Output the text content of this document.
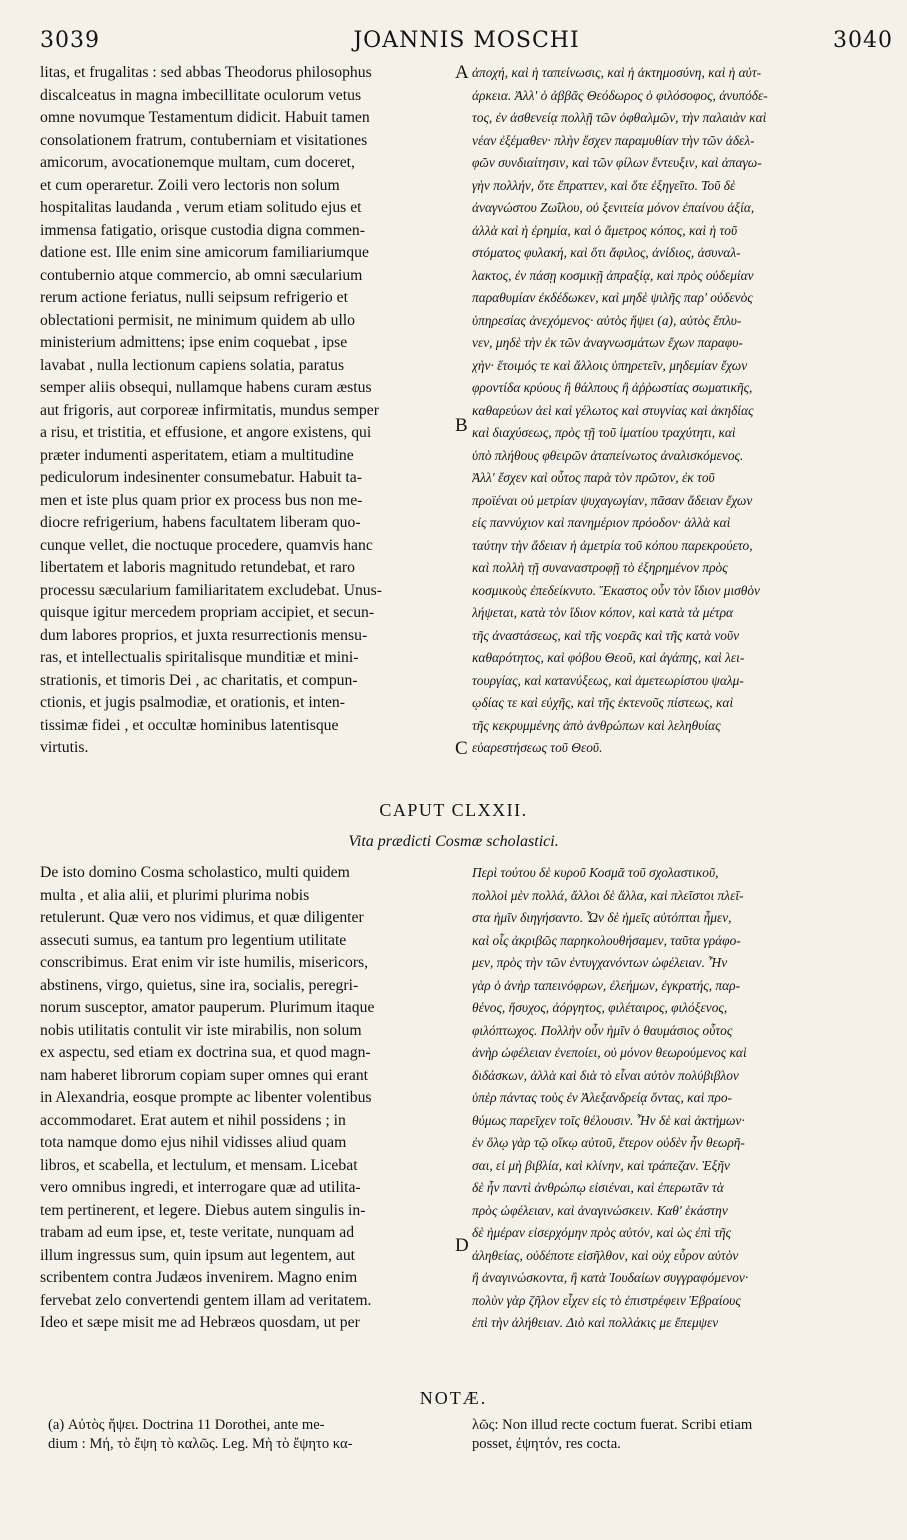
3039	JOANNIS MOSCHI	3040
litas, et frugalitas : sed abbas Theodorus philosophus
discalceatus in magna imbecillitate oculorum vetus
omne novumque Testamentum didicit. Habuit tamen
consolationem fratrum, contuberniam et visitationes
amicorum, avocationemque multam, cum doceret,
et cum operaretur. Zoili vero lectoris non solum
hospitalitas laudanda , verum etiam solitudo ejus et
immensa fatigatio, orisque custodia digna commen-
datione est. Ille enim sine amicorum familiariumque
contubernio atque commercio, ab omni sæcularium
rerum actione feriatus, nulli seipsum refrigerio et
oblectationi permisit, ne minimum quidem ab ullo
ministerium admittens; ipse enim coquebat , ipse
lavabat , nulla lectionum capiens solatia, paratus
semper aliis obsequi, nullamque habens curam æstus
aut frigoris, aut corporeæ infirmitatis, mundus semper
a risu, et tristitia, et effusione, et angore existens, qui
præter indumenti asperitatem, etiam a multitudine
pediculorum indesinenter consumebatur. Habuit ta-
men et iste plus quam prior ex process bus non me-
diocre refrigerium, habens facultatem liberam quo-
cunque vellet, die noctuque procedere, quamvis hanc
libertatem et laboris magnitudo retundebat, et raro
processu sæcularium familiaritatem excludebat. Unus-
quisque igitur mercedem propriam accipiet, et secun-
dum labores proprios, et juxta resurrectionis mensu-
ras, et intellectualis spiritalisque munditiæ et mini-
strationis, et timoris Dei , ac charitatis, et compun-
ctionis, et jugis psalmodiæ, et orationis, et inten-
tissimæ fidei , et occultæ hominibus latentisque
virtutis.
ἀποχή, καὶ ἡ ταπείνωσις, καὶ ἡ ἀκτημοσύνη, καὶ ἡ αὐτ-
άρκεια. Ἀλλ' ὁ ἀββᾶς Θεόδωρος ὁ φιλόσοφος, ἀνυπόδε-
τος, ἐν ἀσθενείᾳ πολλῇ τῶν ὀφθαλμῶν, τὴν παλαιὰν καὶ
νέαν ἐξέμαθεν· πλὴν ἔσχεν παραμυθίαν τὴν τῶν ἀδελ-
φῶν συνδιαίτησιν, καὶ τῶν φίλων ἔντευξιν, καὶ ἀπαγω-
γὴν πολλήν, ὅτε ἔπραττεν, καὶ ὅτε ἐξηγεῖτο. Τοῦ δὲ
ἀναγνώστου Ζωΐλου, οὐ ξενιτεία μόνον ἐπαίνου ἀξία,
ἀλλὰ καὶ ἡ ἐρημία, καὶ ὁ ἄμετρος κόπος, καὶ ἡ τοῦ
στόματος φυλακή, καὶ ὅτι ἄφιλος, ἀνίδιος, ἀσυναλ-
λακτος, ἐν πάσῃ κοσμικῇ ἀπραξίᾳ, καὶ πρὸς οὐδεμίαν
παραθυμίαν ἐκδέδωκεν, καὶ μηδὲ ψιλῆς παρ' οὐδενὸς
ὑπηρεσίας ἀνεχόμενος· αὐτὸς ἥψει (a), αὐτὸς ἔπλυ-
νεν, μηδὲ τὴν ἐκ τῶν ἀναγνωσμάτων ἔχων παραφυ-
χὴν· ἕτοιμός τε καὶ ἄλλοις ὑπηρετεῖν, μηδεμίαν ἔχων
φροντίδα κρύους ἢ θάλπους ἢ ἀῤῥωστίας σωματικῆς,
καθαρεύων ἀεὶ καὶ γέλωτος καὶ στυγνίας καὶ ἀκηδίας
καὶ διαχύσεως, πρὸς τῇ τοῦ ἱματίου τραχύτητι, καὶ
ὑπὸ πλήθους φθειρῶν ἀταπείνωτος ἀναλισκόμενος.
Ἀλλ' ἔσχεν καὶ οὗτος παρὰ τὸν πρῶτον, ἐκ τοῦ
προϊέναι οὐ μετρίαν ψυχαγωγίαν, πᾶσαν ἄδειαν ἔχων
εἰς παννύχιον καὶ πανημέριον πρόοδον· ἀλλὰ καὶ
ταύτην τὴν ἄδειαν ἡ ἀμετρία τοῦ κόπου παρεκρούετο,
καὶ πολλὴ τῇ συναναστροφῇ τὸ ἐξηρημένον πρὸς
κοσμικοὺς ἐπεδείκνυτο. Ἕκαστος οὖν τὸν ἴδιον μισθὸν
λήψεται, κατὰ τὸν ἴδιον κόπον, καὶ κατὰ τὰ μέτρα
τῆς ἀναστάσεως, καὶ τῆς νοερᾶς καὶ τῆς κατὰ νοῦν
καθαρότητος, καὶ φόβου Θεοῦ, καὶ ἀγάπης, καὶ λει-
τουργίας, καὶ κατανύξεως, καὶ ἀμετεωρίστου ψαλμ-
ῳδίας τε καὶ εὐχῆς, καὶ τῆς ἐκτενοῦς πίστεως, καὶ
τῆς κεκρυμμένης ἀπὸ ἀνθρώπων καὶ λεληθυίας
εὐαρεστήσεως τοῦ Θεοῦ.
A
B
C
D
CAPUT CLXXII.
Vita prædicti Cosmæ scholastici.
De isto domino Cosma scholastico, multi quidem
multa , et alia alii, et plurimi plurima nobis
retulerunt. Quæ vero nos vidimus, et quæ diligenter
assecuti sumus, ea tantum pro legentium utilitate
conscribimus. Erat enim vir iste humilis, misericors,
abstinens, virgo, quietus, sine ira, socialis, peregri-
norum susceptor, amator pauperum. Plurimum itaque
nobis utilitatis contulit vir iste mirabilis, non solum
ex aspectu, sed etiam ex doctrina sua, et quod magn-
nam haberet librorum copiam super omnes qui erant
in Alexandria, eosque prompte ac libenter volentibus
accommodaret. Erat autem et nihil possidens ; in
tota namque domo ejus nihil vidisses aliud quam
libros, et scabella, et lectulum, et mensam. Licebat
vero omnibus ingredi, et interrogare quæ ad utilita-
tem pertinerent, et legere. Diebus autem singulis in-
trabam ad eum ipse, et, teste veritate, nunquam ad
illum ingressus sum, quin ipsum aut legentem, aut
scribentem contra Judæos invenirem. Magno enim
fervebat zelo convertendi gentem illam ad veritatem.
Ideo et sæpe misit me ad Hebræos quosdam, ut per
Περὶ τούτου δὲ κυροῦ Κοσμᾶ τοῦ σχολαστικοῦ,
πολλοὶ μὲν πολλά, ἄλλοι δὲ ἄλλα, καὶ πλεῖστοι πλεῖ-
στα ἡμῖν διηγήσαντο. Ὧν δὲ ἡμεῖς αὐτόπται ἦμεν,
καὶ οἷς ἀκριβῶς παρηκολουθήσαμεν, ταῦτα γράφο-
μεν, πρὸς τὴν τῶν ἐντυγχανόντων ὠφέλειαν. Ἦν
γὰρ ὁ ἀνὴρ ταπεινόφρων, ἐλεήμων, ἐγκρατής, παρ-
θένος, ἥσυχος, ἀόργητος, φιλέταιρος, φιλόξενος,
φιλόπτωχος. Πολλὴν οὖν ἡμῖν ὁ θαυμάσιος οὗτος
ἀνὴρ ὠφέλειαν ἐνεποίει, οὐ μόνον θεωρούμενος καὶ
διδάσκων, ἀλλὰ καὶ διὰ τὸ εἶναι αὐτὸν πολύβιβλον
ὑπὲρ πάντας τοὺς ἐν Ἀλεξανδρείᾳ ὄντας, καὶ προ-
θύμως παρεῖχεν τοῖς θέλουσιν. Ἦν δὲ καὶ ἀκτήμων·
ἐν ὅλῳ γὰρ τῷ οἴκῳ αὐτοῦ, ἕτερον οὐδὲν ἦν θεωρῆ-
σαι, εἰ μὴ βιβλία, καὶ κλίνην, καὶ τράπεζαν. Ἐξῆν
δὲ ἦν παντὶ ἀνθρώπῳ εἰσιέναι, καὶ ἐπερωτᾶν τὰ
πρὸς ὠφέλειαν, καὶ ἀναγινώσκειν. Καθ' ἑκάστην
δὲ ἡμέραν εἰσερχόμην πρὸς αὐτόν, καὶ ὡς ἐπὶ τῆς
ἀληθείας, οὐδέποτε εἰσῆλθον, καὶ οὐχ εὗρον αὐτὸν
ἢ ἀναγινώσκοντα, ἢ κατὰ Ἰουδαίων συγγραφόμενον·
πολὺν γὰρ ζῆλον εἶχεν εἰς τὸ ἐπιστρέφειν Ἑβραίους
ἐπὶ τὴν ἀλήθειαν. Διὸ καὶ πολλάκις με ἔπεμψεν
NOTÆ.
(a) Αὐτὸς ἥψει. Doctrina 11 Dorothei, ante me-
dium : Μή, τὸ ἔψη τὸ καλῶς. Leg. Μὴ τὸ ἔψητο κα-
λῶς: Non illud recte coctum fuerat. Scribi etiam
posset, ἐψητόν, res cocta.
